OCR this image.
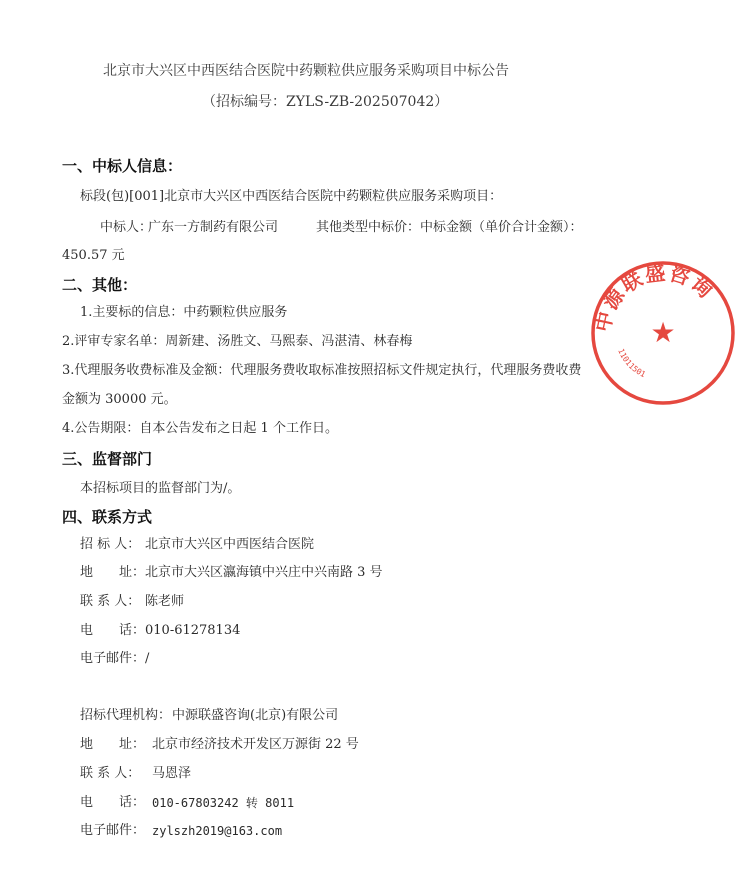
北京市大兴区中西医结合医院中药颗粒供应服务采购项目中标公告
（招标编号：ZYLS-ZB-202507042）
一、中标人信息：
标段(包)[001]北京市大兴区中西医结合医院中药颗粒供应服务采购项目：
中标人：
广东一方制药有限公司	其他类型中标价：中标金额（单价合计金额）：
450.57 元
二、其他：
1.主要标的信息：中药颗粒供应服务
2.评审专家名单：周新建、汤胜文、马熙泰、冯湛清、林春梅
3.代理服务收费标准及金额：代理服务费收取标准按照招标文件规定执行，代理服务费收费
金额为 30000 元。
4.公告期限：自本公告发布之日起 1 个工作日。
三、监督部门
本招标项目的监督部门为/。
四、联系方式
招 标 人： 北京市大兴区中西医结合医院
地　　址： 北京市大兴区瀛海镇中兴庄中兴南路 3 号
联 系 人： 陈老师
电　　话： 010-61278134
电子邮件： /
招标代理机构： 中源联盛咨询(北京)有限公司
地　　址： 北京市经济技术开发区万源街 22 号
联 系 人： 马恩泽
电　　话： 010-67803242 转 8011
电子邮件： zylszh2019@163.com
中源联盛咨询
11011501
★
